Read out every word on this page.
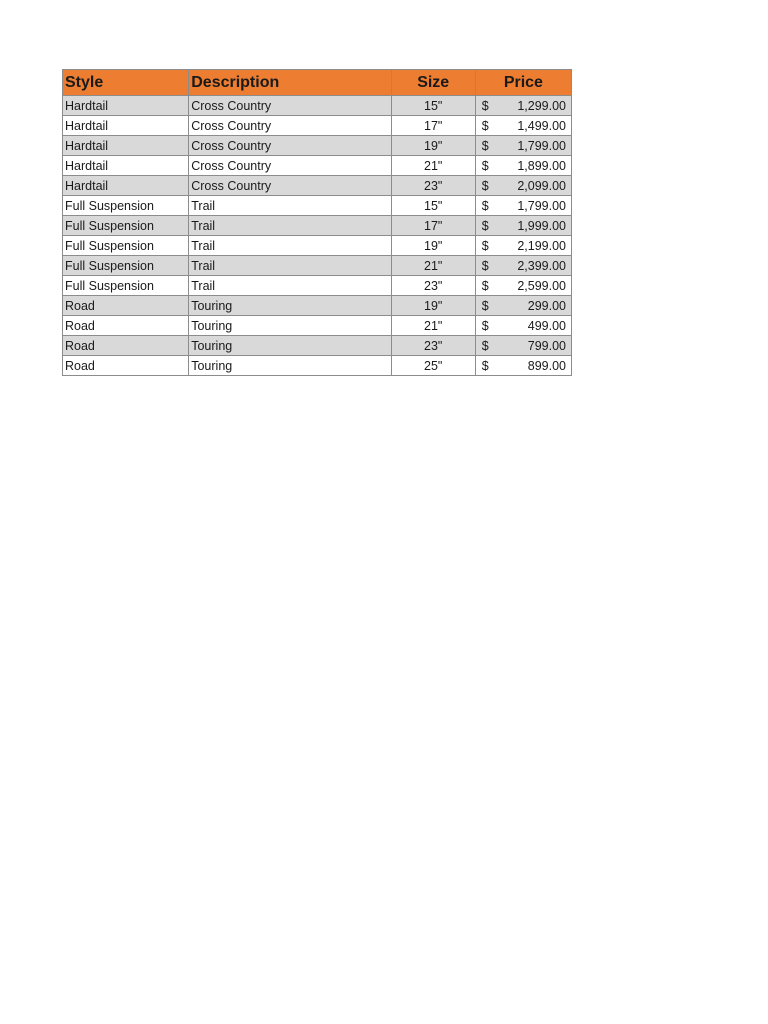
Style	Description	Size	Price
Hardtail	Cross Country	15"	$ 1,299.00

Hardtail	Cross Country	17"	$ 1,499.00

Hardtail	Cross Country	19"	$ 1,799.00

Hardtail	Cross Country	21"	$ 1,899.00

Hardtail	Cross Country	23"	$ 2,099.00

Full Suspension	Trail	15"	$ 1,799.00

Full Suspension	Trail	17"	$ 1,999.00

Full Suspension	Trail	19"	$ 2,199.00

Full Suspension	Trail	21"	$ 2,399.00

Full Suspension	Trail	23"	$ 2,599.00

Road	Touring	19"	$ 299.00

Road	Touring	21"	$ 499.00

Road	Touring	23"	$ 799.00

Road	Touring	25"	$ 899.00
